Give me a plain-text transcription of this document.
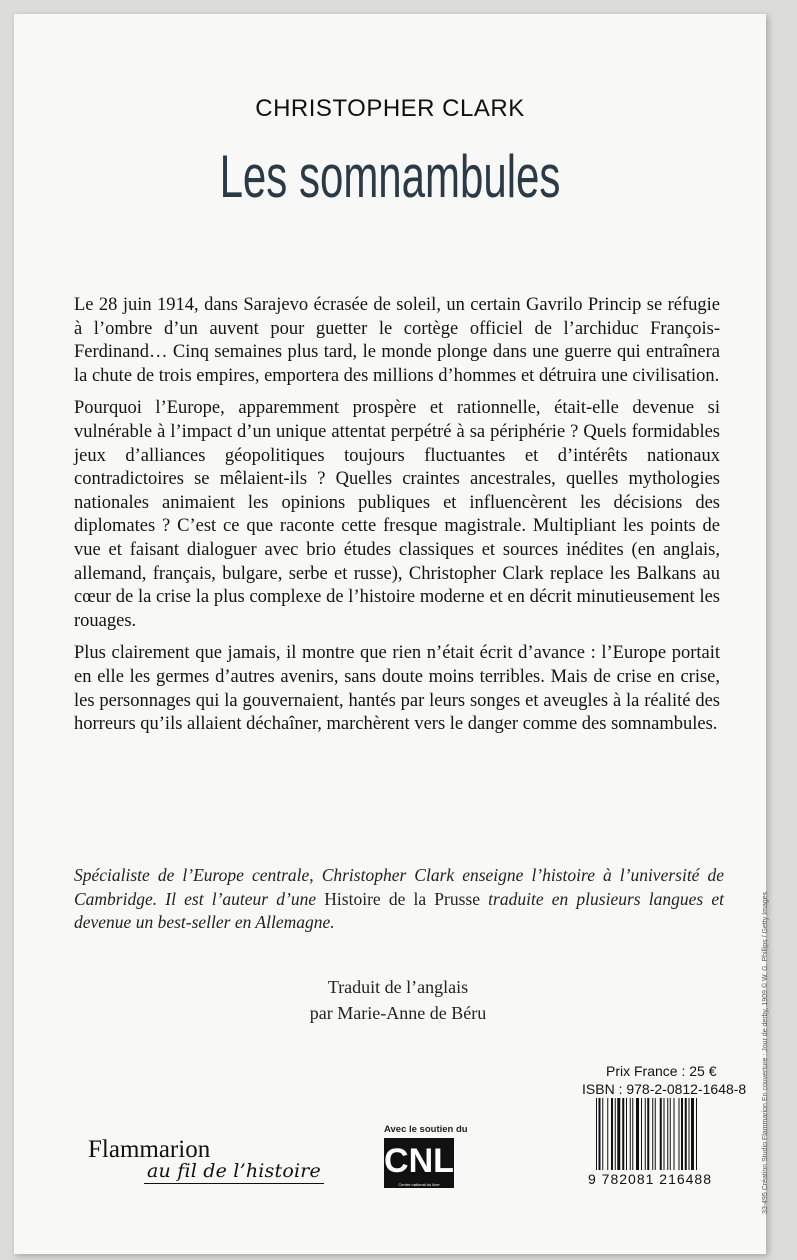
CHRISTOPHER CLARK
Les somnambules

Le 28 juin 1914, dans Sarajevo écrasée de soleil, un certain Gavrilo Princip se réfugie à l’ombre d’un auvent pour guetter le cortège officiel de l’archiduc François-Ferdinand… Cinq semaines plus tard, le monde plonge dans une guerre qui entraînera la chute de trois empires, emportera des millions d’hommes et détruira une civilisation.

Pourquoi l’Europe, apparemment prospère et rationnelle, était-elle devenue si vulnérable à l’impact d’un unique attentat perpétré à sa périphérie ? Quels formidables jeux d’alliances géopolitiques toujours fluctuantes et d’intérêts nationaux contradictoires se mêlaient-ils ? Quelles craintes ancestrales, quelles mythologies nationales animaient les opinions publiques et influencèrent les décisions des diplomates ? C’est ce que raconte cette fresque magistrale. Multipliant les points de vue et faisant dialoguer avec brio études classiques et sources inédites (en anglais, allemand, français, bulgare, serbe et russe), Christopher Clark replace les Balkans au cœur de la crise la plus complexe de l’histoire moderne et en décrit minutieusement les rouages.

Plus clairement que jamais, il montre que rien n’était écrit d’avance : l’Europe portait en elle les germes d’autres avenirs, sans doute moins terribles. Mais de crise en crise, les personnages qui la gouvernaient, hantés par leurs songes et aveugles à la réalité des horreurs qu’ils allaient déchaîner, marchèrent vers le danger comme des somnambules.

Spécialiste de l’Europe centrale, Christopher Clark enseigne l’histoire à l’université de Cambridge. Il est l’auteur d’une Histoire de la Prusse traduite en plusieurs langues et devenue un best-seller en Allemagne.
Traduit de l’anglais
par Marie-Anne de Béru
Flammarion
au fil de l’histoire
Avec le soutien du
CNL
Centre national du livre
Prix France : 25 €
ISBN : 978-2-0812-1648-8
9 782081 216488	33-495 Création Studio Flammarion En couverture : Jour de derby, 1909 © W. G. Phillips / Getty Images
